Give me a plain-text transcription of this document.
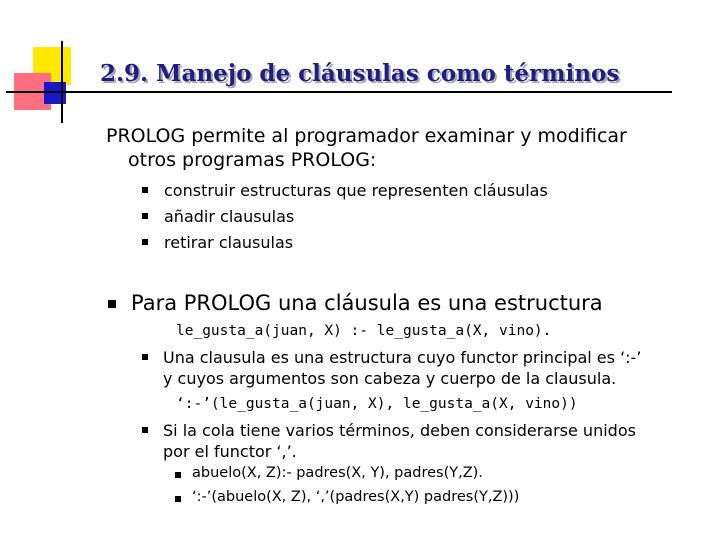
2.9. Manejo de cláusulas como términos
PROLOG permite al programador examinar y modificar
otros programas PROLOG:
construir estructuras que representen cláusulas
añadir clausulas
retirar clausulas
Para PROLOG una cláusula es una estructura
le_gusta_a(juan, X) :- le_gusta_a(X, vino).
Una clausula es una estructura cuyo functor principal es ‘:-’
y cuyos argumentos son cabeza y cuerpo de la clausula.
‘:-’(le_gusta_a(juan, X), le_gusta_a(X, vino))
Si la cola tiene varios términos, deben considerarse unidos
por el functor ‘,’.
abuelo(X, Z):- padres(X, Y), padres(Y,Z).
‘:-’(abuelo(X, Z), ‘,’(padres(X,Y) padres(Y,Z)))
